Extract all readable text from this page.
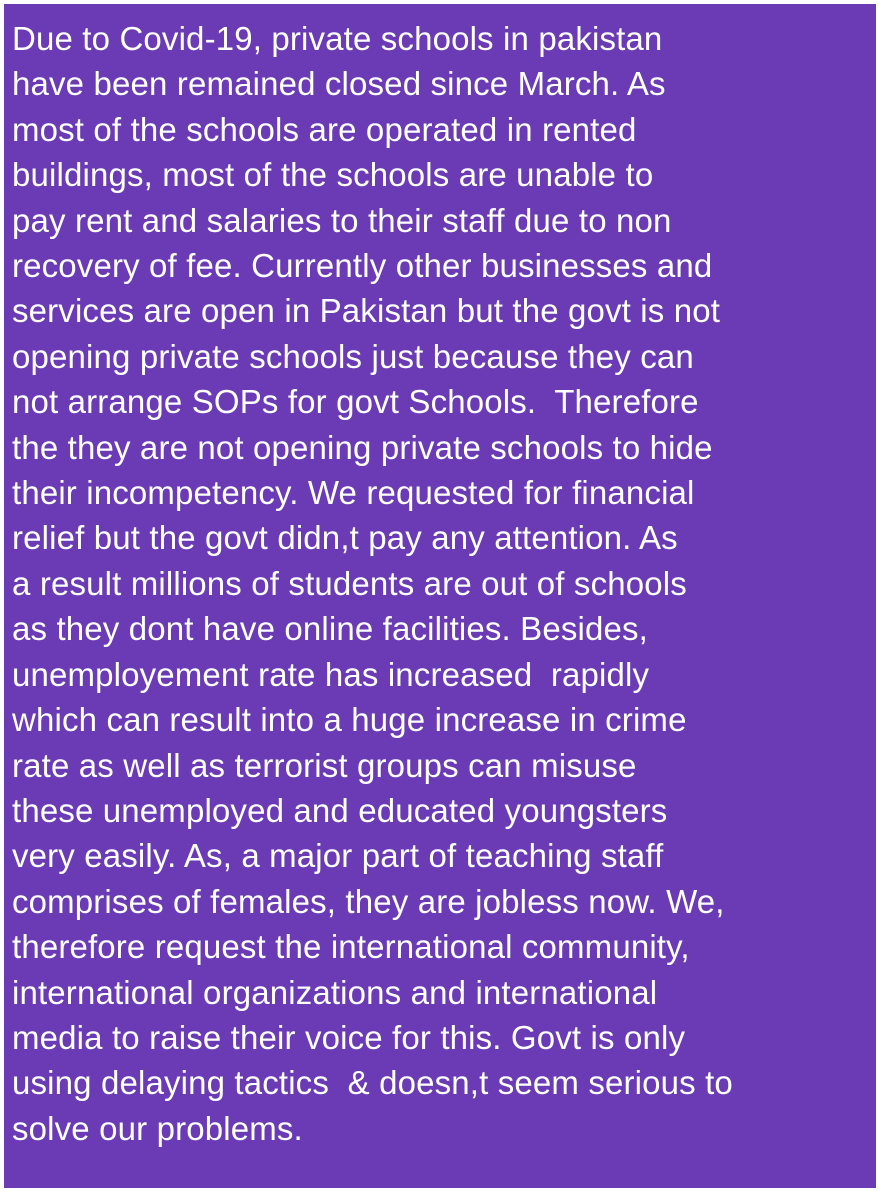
Due to Covid-19, private schools in pakistan
have been remained closed since March. As
most of the schools are operated in rented
buildings, most of the schools are unable to
pay rent and salaries to their staff due to non
recovery of fee. Currently other businesses and
services are open in Pakistan but the govt is not
opening private schools just because they can
not arrange SOPs for govt Schools.  Therefore
the they are not opening private schools to hide
their incompetency. We requested for financial
relief but the govt didn,t pay any attention. As
a result millions of students are out of schools
as they dont have online facilities. Besides,
unemployement rate has increased  rapidly
which can result into a huge increase in crime
rate as well as terrorist groups can misuse
these unemployed and educated youngsters
very easily. As, a major part of teaching staff
comprises of females, they are jobless now. We,
therefore request the international community,
international organizations and international
media to raise their voice for this. Govt is only
using delaying tactics  & doesn,t seem serious to
solve our problems.
